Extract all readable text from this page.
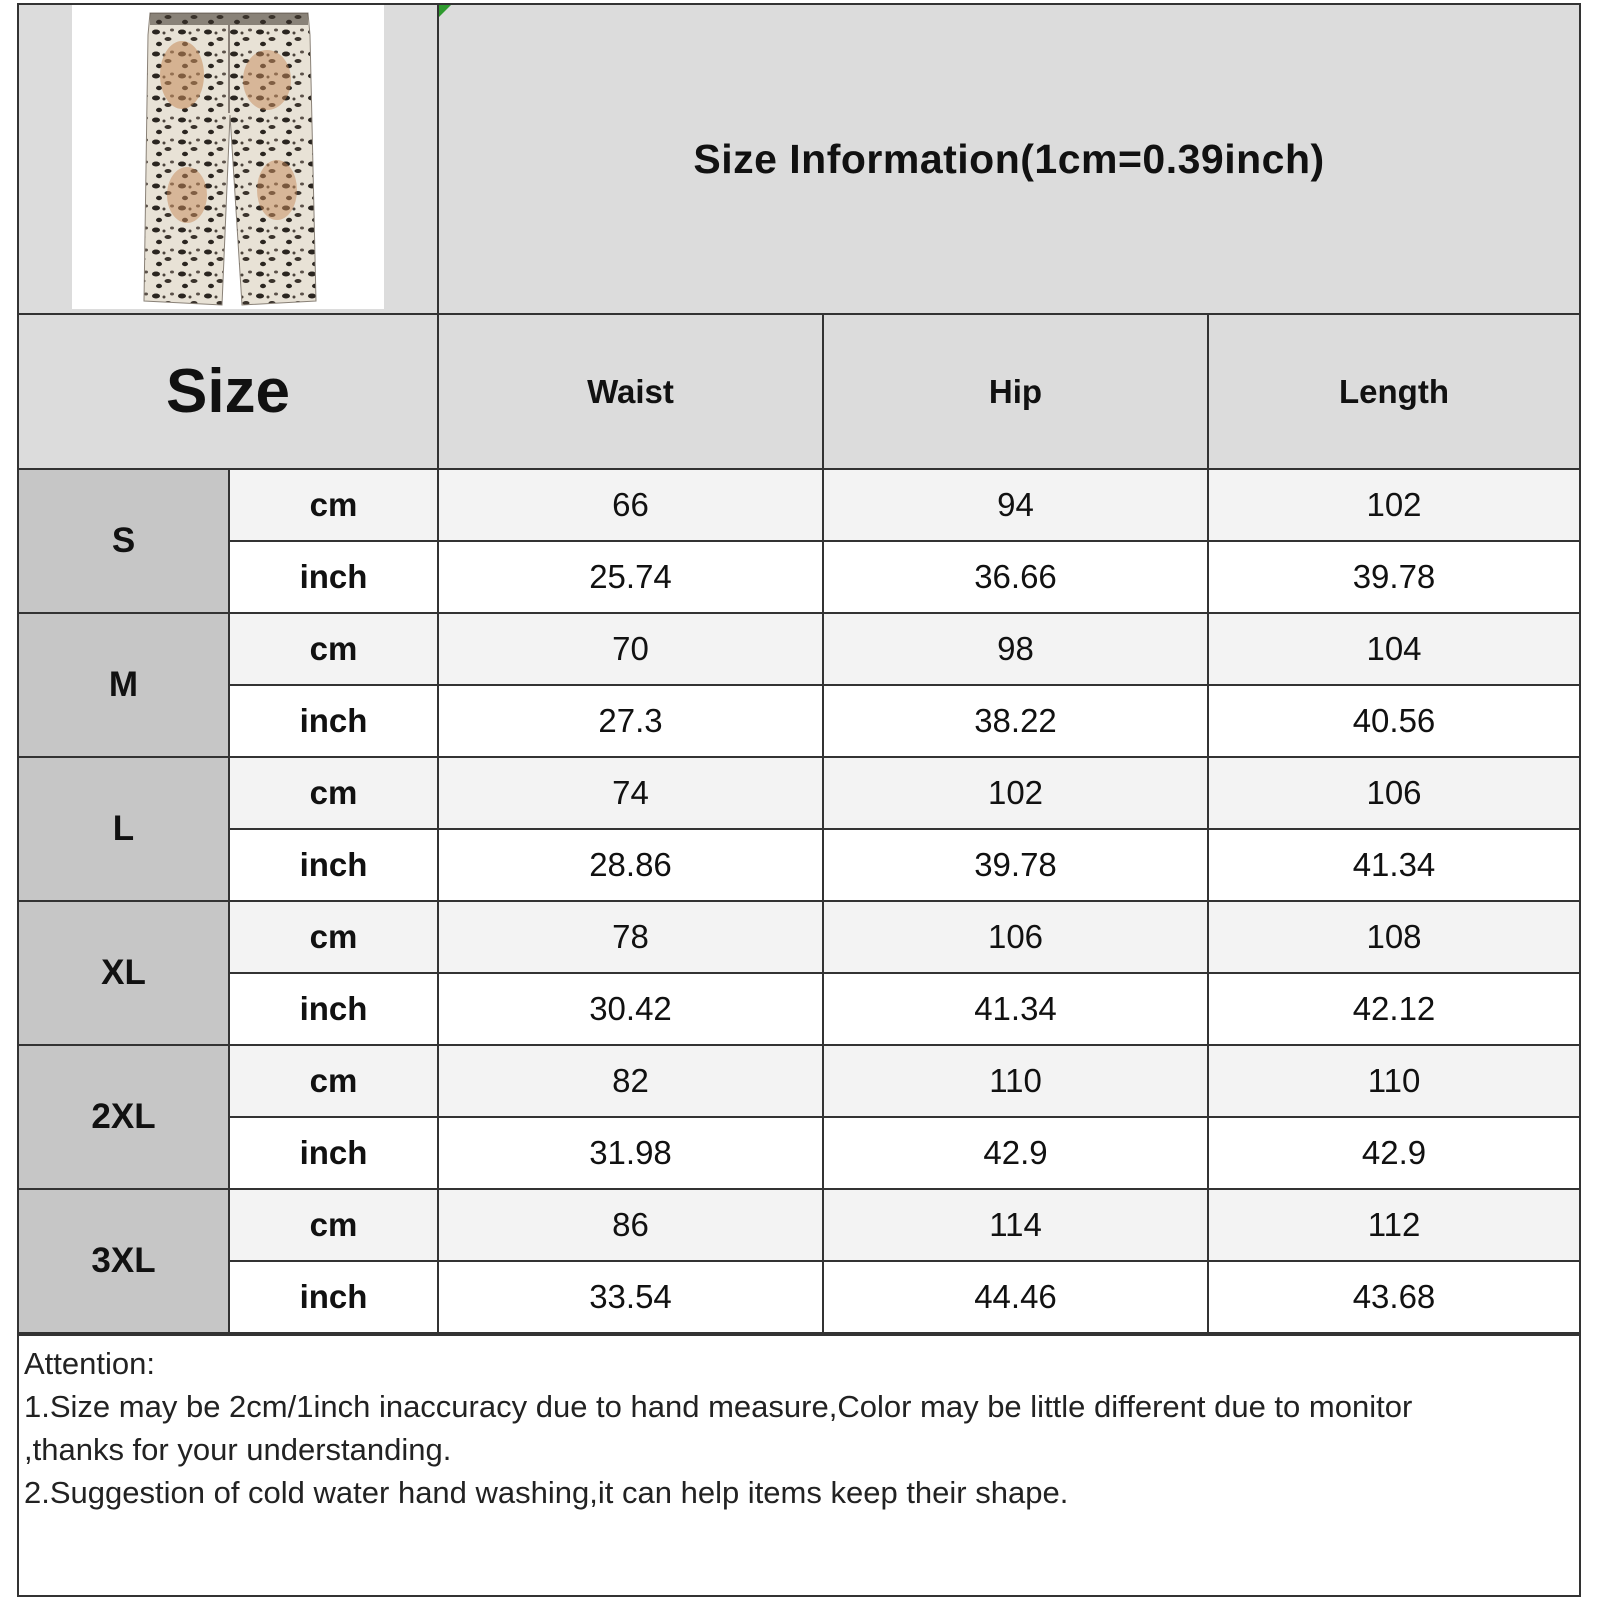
Size Information(1cm=0.39inch)
Size	Waist	Hip	Length
S
cm	66	94	102
inch	25.74	36.66	39.78
M
cm	70	98	104
inch	27.3	38.22	40.56
L
cm	74	102	106
inch	28.86	39.78	41.34
XL
cm	78	106	108
inch	30.42	41.34	42.12
2XL
cm	82	110	110
inch	31.98	42.9	42.9
3XL
cm	86	114	112
inch	33.54	44.46	43.68
Attention:
1.Size may be 2cm/1inch inaccuracy due to hand measure,Color may be little different due to monitor
,thanks for your understanding.
2.Suggestion of cold water hand washing,it can help items keep their shape.
